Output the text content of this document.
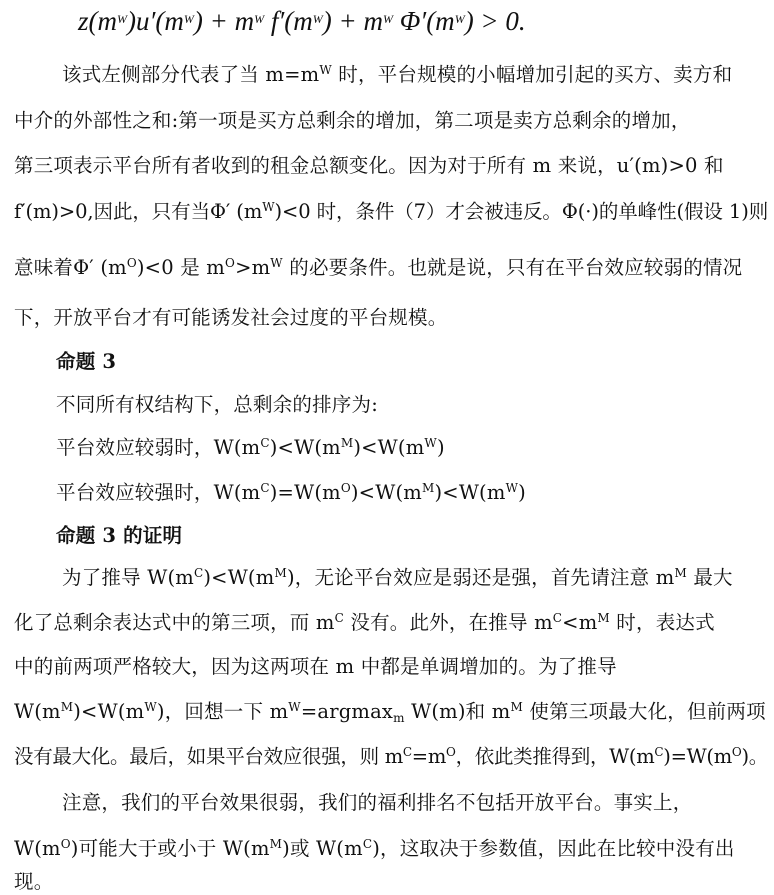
$z(m^W)u'(m^W) + m^W$ $f'(m^W) + m^W$ $\Phi'(m^W) > 0$.
该式左侧部分代表了当 $m=m^W$ 时，平台规模的小幅增加引起的买方、卖方和
中介的外部性之和:第一项是买方总剩余的增加，第二项是卖方总剩余的增加，
第三项表示平台所有者收到的租金总额变化。因为对于所有 m 来说，u′(m)>0 和
f′(m)>0,因此，只有当Φ′ $(m^W)<0$ 时，条件（7）才会被违反。Φ(·)的单峰性(假设 1)则
意味着Φ′ $(m^O)<0$ 是 $m^O>m^W$ 的必要条件。也就是说，只有在平台效应较弱的情况
下，开放平台才有可能诱发社会过度的平台规模。
命题 3
不同所有权结构下，总剩余的排序为:
平台效应较弱时，$W(m^C)<W(m^M)<W(m^W)$
平台效应较强时，$W(m^C)=W(m^O)<W(m^M)<W(m^W)$
命题 3 的证明
为了推导 $W(m^C)<W(m^M)$，无论平台效应是弱还是强，首先请注意 $m^M$ 最大
化了总剩余表达式中的第三项，而 $m^C$ 没有。此外，在推导 $m^C<m^M$ 时，表达式
中的前两项严格较大，因为这两项在 m 中都是单调增加的。为了推导
$W(m^M)<W(m^W)$，回想一下 $m^W=argmax_m$ W(m)和 $m^M$ 使第三项最大化，但前两项
没有最大化。最后，如果平台效应很强，则 $m^C=m^O$，依此类推得到，$W(m^C)=W(m^O)$。
注意，我们的平台效果很弱，我们的福利排名不包括开放平台。事实上，
$W(m^O)$可能大于或小于 $W(m^M)$或 $W(m^C)$，这取决于参数值，因此在比较中没有出
现。
